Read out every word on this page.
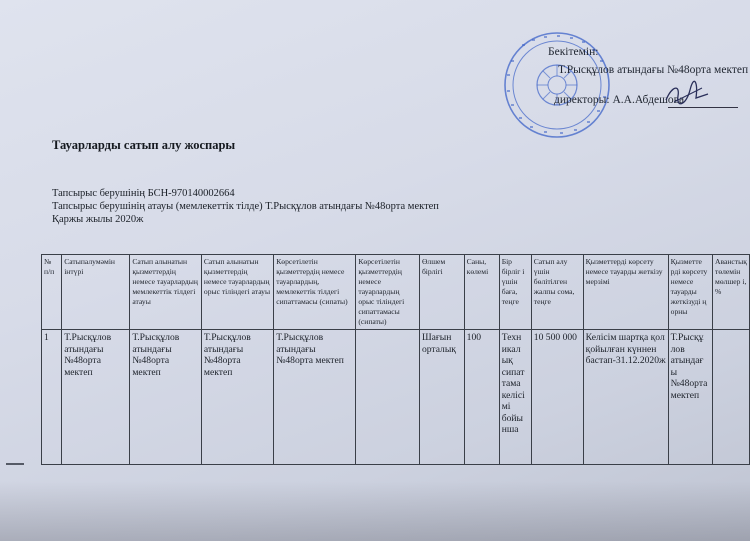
Бекітемін:
Т.Рысқұлов атындағы №48орта мектеп
директоры: А.А.Абдешова
Тауарларды сатып алу жоспары
Тапсырыс берушінің БСН-970140002664
Тапсырыс берушінің атауы (мемлекеттік тілде) Т.Рысқұлов атындағы №48орта мектеп
Қаржы жылы 2020ж
№ п/п	Сатыпалумәмін інтүрі	Сатып алынатын қызметтердің немесе тауарлардың мемлекеттік тілдегі атауы	Сатып алынатын қызметтердің немесе тауарлардың орыс тіліндегі атауы	Көрсетілетін қызметтердің немесе тауарлардың, мемлекеттік тілдегі сипаттамасы (сипаты)	Көрсетілетін қызметтердің немесе тауарлардың орыс тіліндегі сипаттамасы (сипаты)	Өлшем бірлігі	Саны, көлемі	Бір бірліг і үшін баға, теңге	Сатып алу үшін бөлітілген жалпы сома, теңге	Қызметтерді көрсету немесе тауарды жеткізу мерзімі	Қызметте рді көрсету немесе тауарды жеткізуді ң орны	Аванстық төлемін мөлшер і, %
1	Т.Рысқұлов атындағы №48орта мектеп	Т.Рысқұлов атындағы №48орта мектеп	Т.Рысқұлов атындағы №48орта мектеп	Т.Рысқұлов атындағы №48орта мектеп		Шағын орталық	100	Техн икал ық сипат тама келісі мі бойы нша	10 500 000	Келісім шартқа қол қойылған күннен бастап-31.12.2020ж	Т.Рысқұ лов атындағ ы №48орта мектеп	
